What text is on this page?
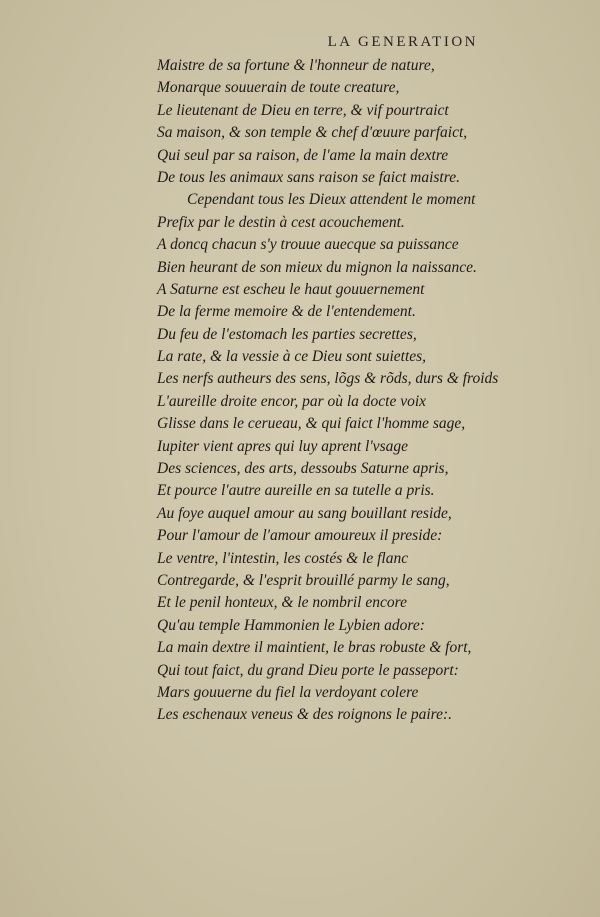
LA GENERATION
Maistre de sa fortune & l'honneur de nature,
Monarque souuerain de toute creature,
Le lieutenant de Dieu en terre, & vif pourtraict
Sa maison, & son temple & chef d'œuure parfaict,
Qui seul par sa raison, de l'ame la main dextre
De tous les animaux sans raison se faict maistre.
Cependant tous les Dieux attendent le moment
Prefix par le destin à cest acouchement.
A doncq chacun s'y trouue auecque sa puissance
Bien heurant de son mieux du mignon la naissance.
A Saturne est escheu le haut gouuernement
De la ferme memoire & de l'entendement.
Du feu de l'estomach les parties secrettes,
La rate, & la vessie à ce Dieu sont suiettes,
Les nerfs autheurs des sens, lõgs & rõds, durs & froids
L'aureille droite encor, par où la docte voix
Glisse dans le cerueau, & qui faict l'homme sage,
Iupiter vient apres qui luy aprent l'vsage
Des sciences, des arts, dessoubs Saturne apris,
Et pource l'autre aureille en sa tutelle a pris.
Au foye auquel amour au sang bouillant reside,
Pour l'amour de l'amour amoureux il preside:
Le ventre, l'intestin, les costés & le flanc
Contregarde, & l'esprit brouillé parmy le sang,
Et le penil honteux, & le nombril encore
Qu'au temple Hammonien le Lybien adore:
La main dextre il maintient, le bras robuste & fort,
Qui tout faict, du grand Dieu porte le passeport:
Mars gouuerne du fiel la verdoyant colere
Les eschenaux veneus & des roignons le paire:.
